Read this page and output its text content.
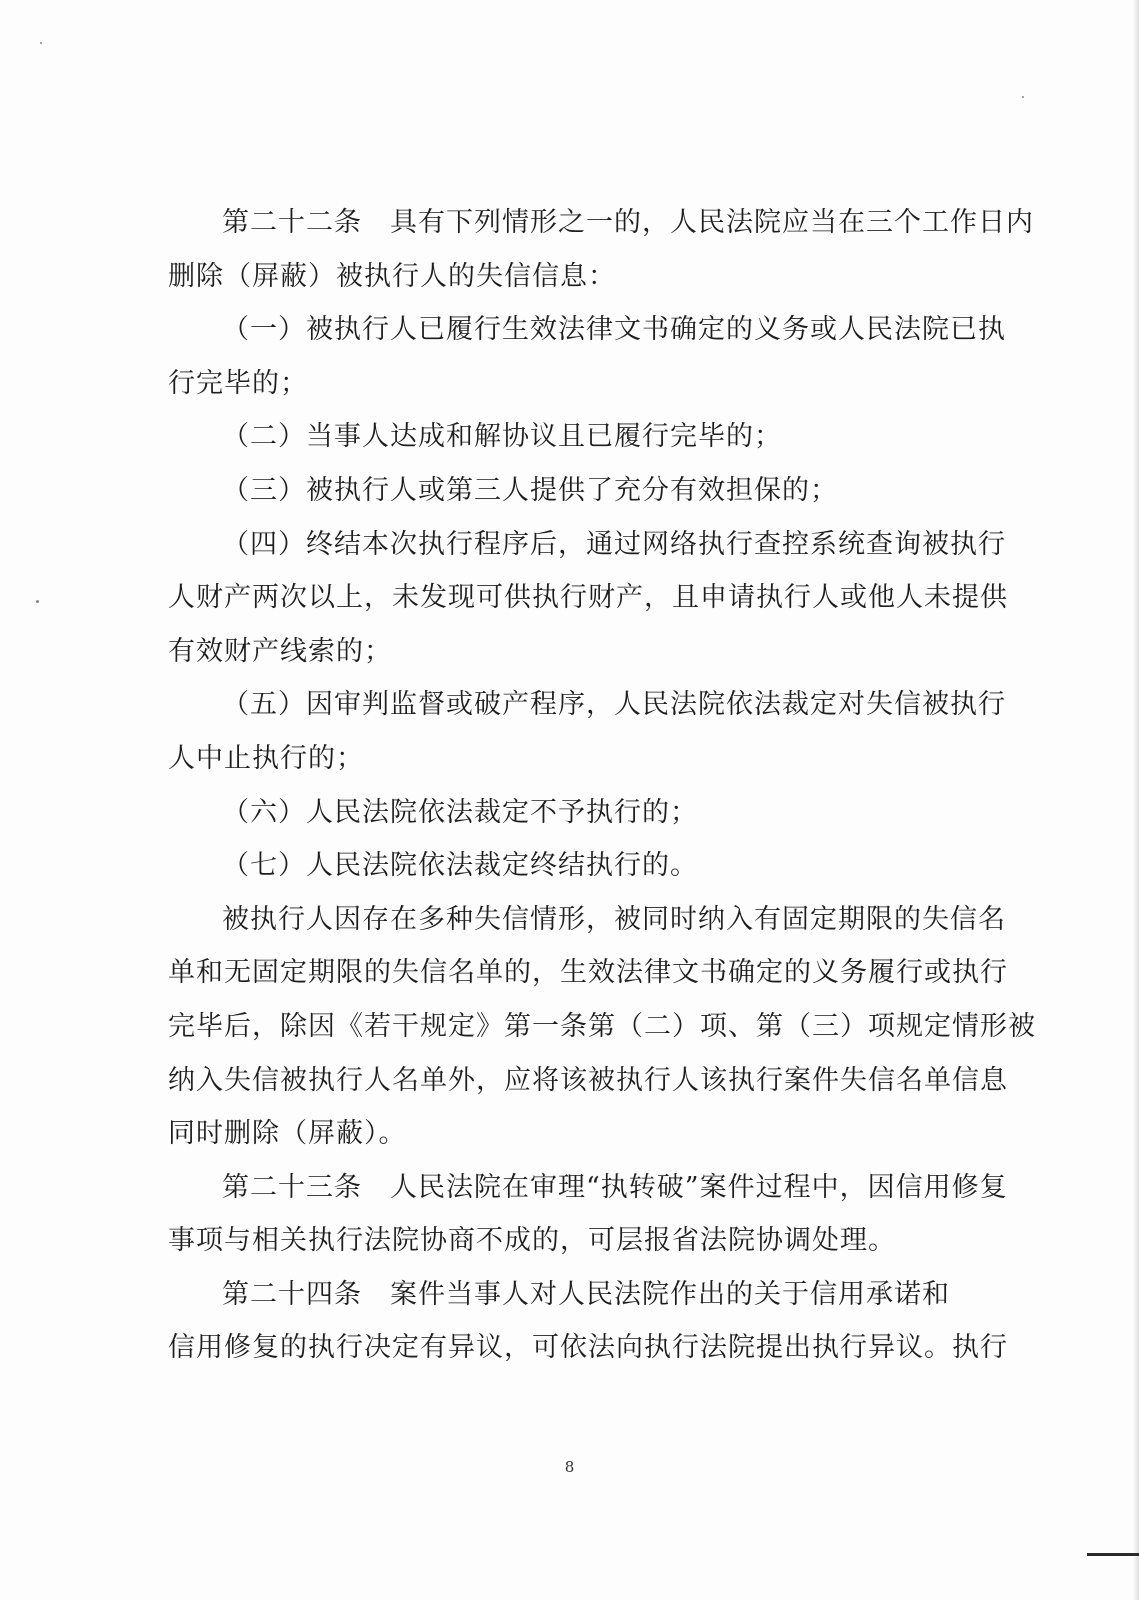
第二十二条　具有下列情形之一的，人民法院应当在三个工作日内
删除（屏蔽）被执行人的失信信息：
（一）被执行人已履行生效法律文书确定的义务或人民法院已执
行完毕的；
（二）当事人达成和解协议且已履行完毕的；
（三）被执行人或第三人提供了充分有效担保的；
（四）终结本次执行程序后，通过网络执行查控系统查询被执行
人财产两次以上，未发现可供执行财产，且申请执行人或他人未提供
有效财产线索的；
（五）因审判监督或破产程序，人民法院依法裁定对失信被执行
人中止执行的；
（六）人民法院依法裁定不予执行的；
（七）人民法院依法裁定终结执行的。
被执行人因存在多种失信情形，被同时纳入有固定期限的失信名
单和无固定期限的失信名单的，生效法律文书确定的义务履行或执行
完毕后，除因《若干规定》第一条第（二）项、第（三）项规定情形被
纳入失信被执行人名单外，应将该被执行人该执行案件失信名单信息
同时删除（屏蔽）。
第二十三条　人民法院在审理“执转破”案件过程中，因信用修复
事项与相关执行法院协商不成的，可层报省法院协调处理。
第二十四条　案件当事人对人民法院作出的关于信用承诺和
信用修复的执行决定有异议，可依法向执行法院提出执行异议。执行
8
